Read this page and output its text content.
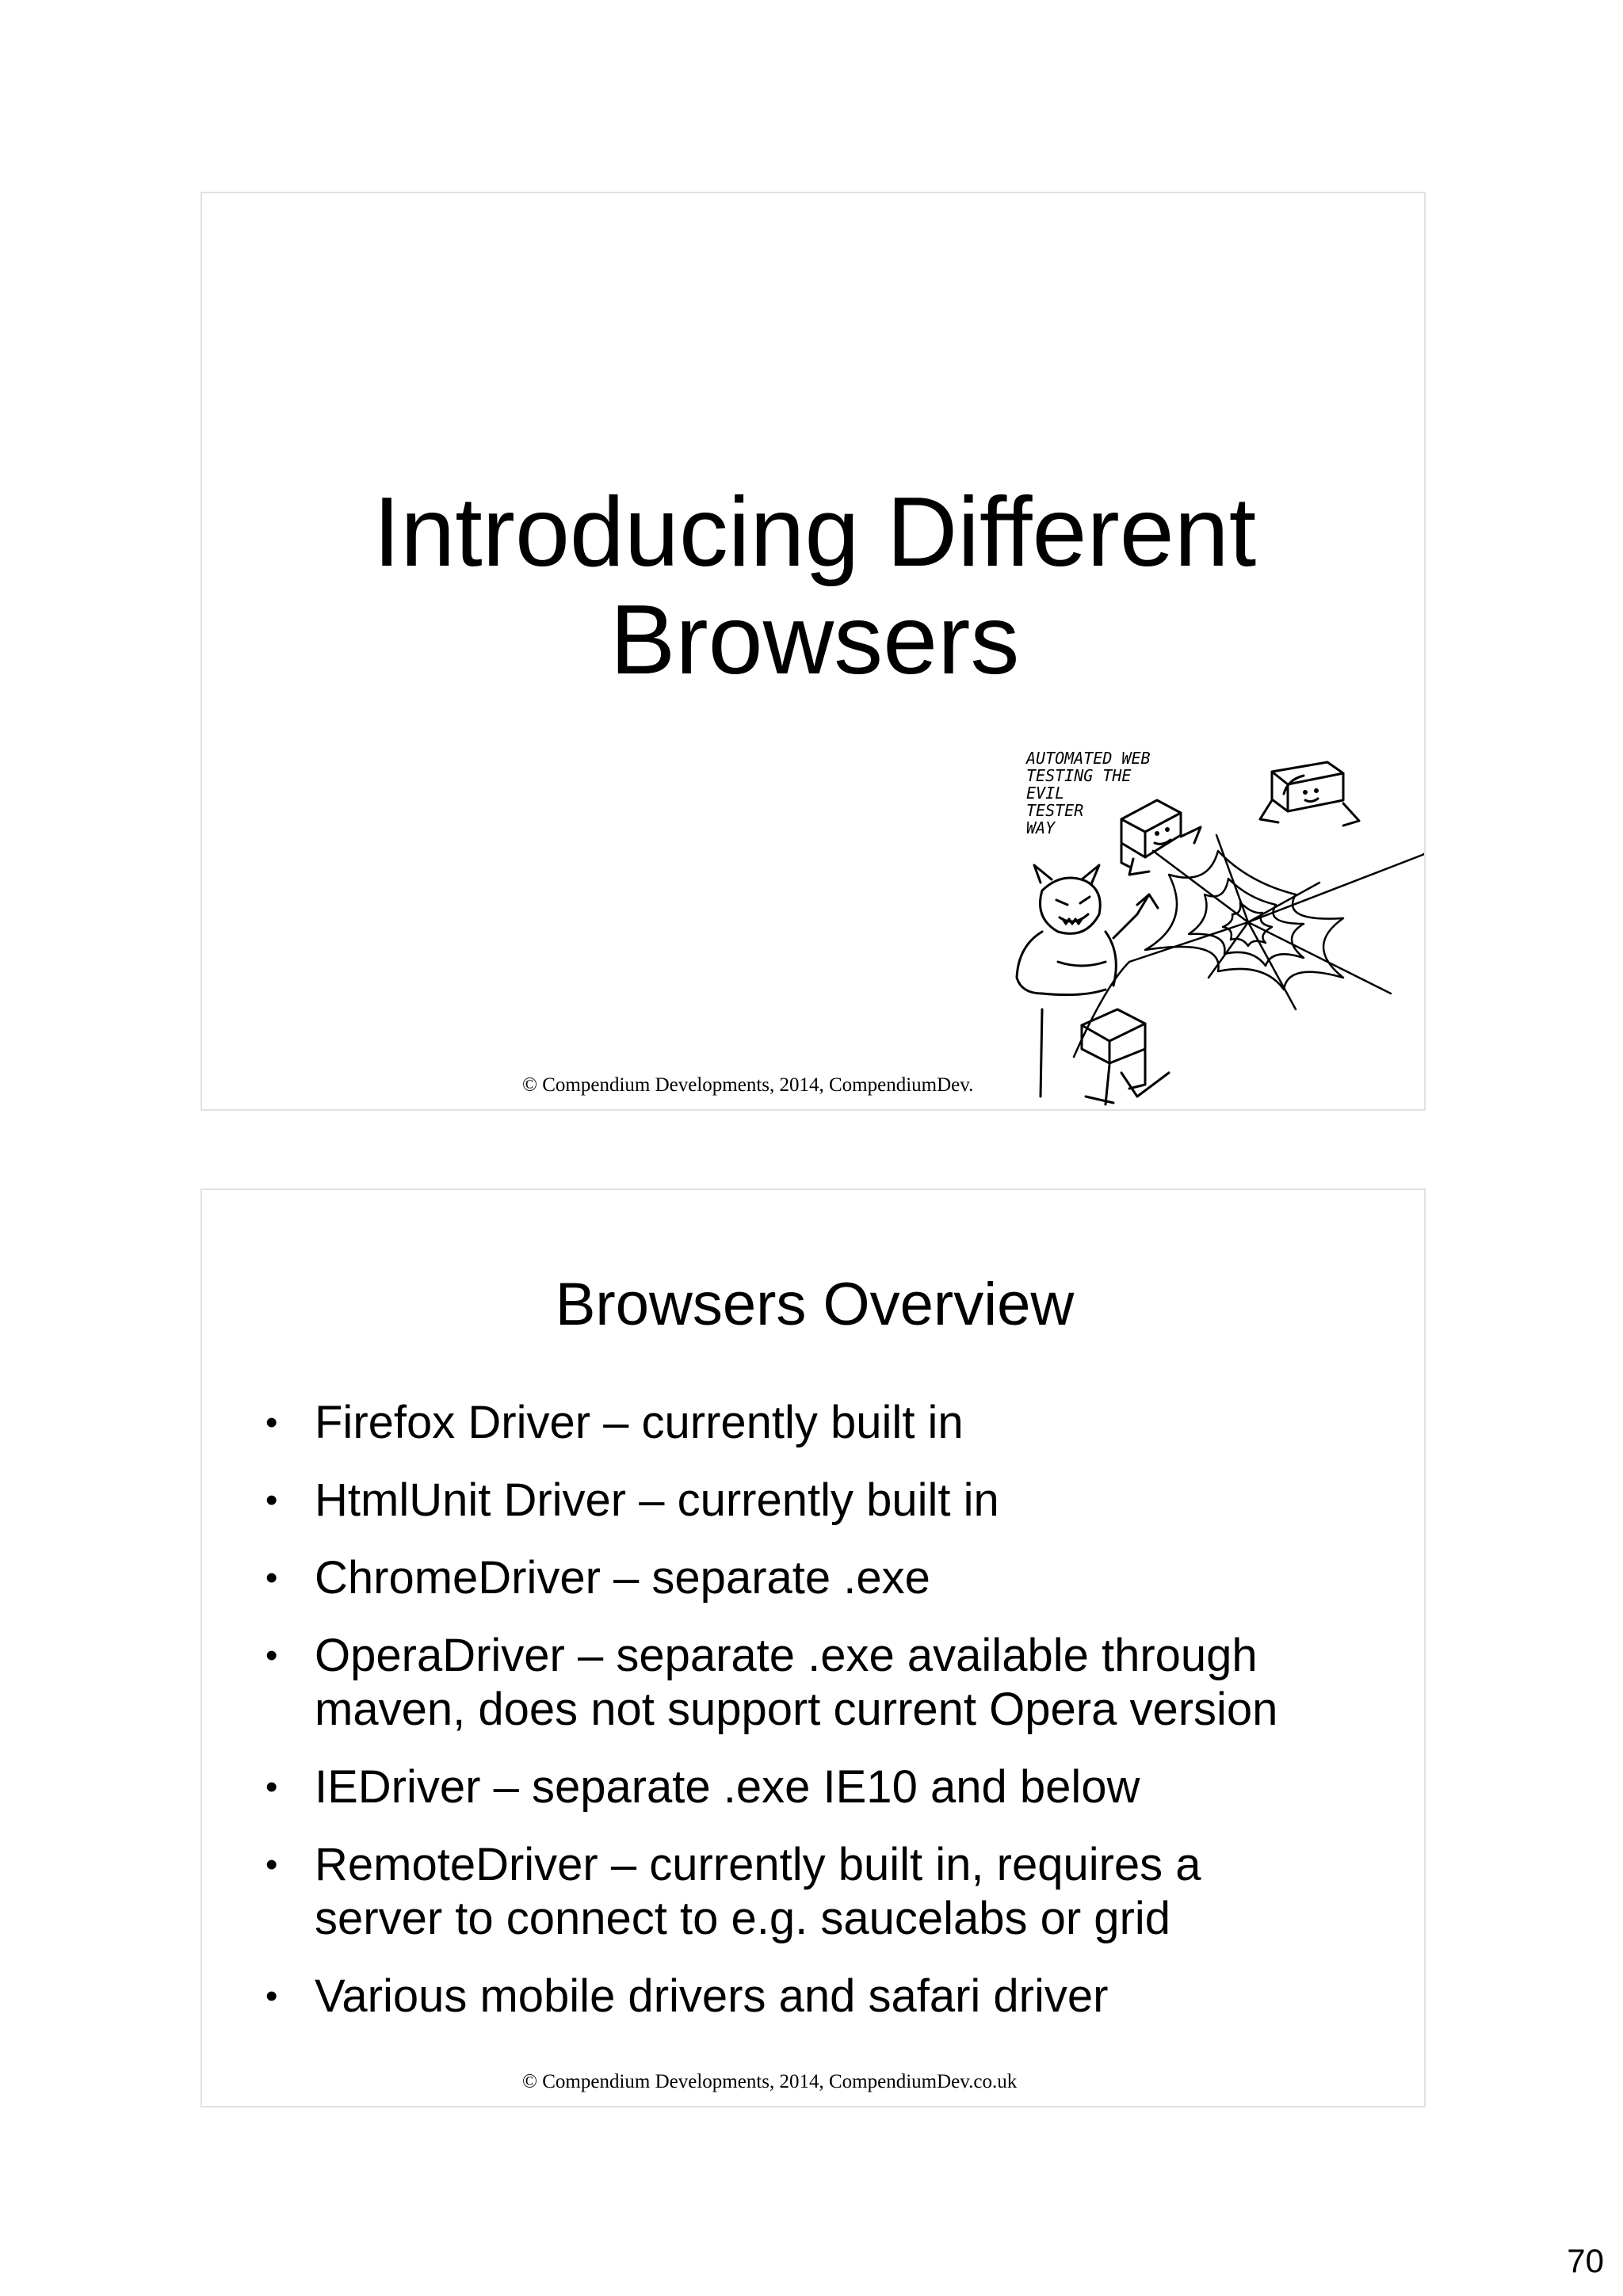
Introducing Different
Browsers
AUTOMATED WEB
TESTING THE
EVIL
TESTER
WAY
© Compendium Developments, 2014, CompendiumDev.
Browsers Overview
• Firefox Driver – currently built in
• HtmlUnit Driver – currently built in
• ChromeDriver – separate .exe
• OperaDriver – separate .exe available through
maven, does not support current Opera version
• IEDriver – separate .exe IE10 and below
• RemoteDriver – currently built in, requires a
server to connect to e.g. saucelabs or grid
• Various mobile drivers and safari driver
© Compendium Developments, 2014, CompendiumDev.co.uk
70
